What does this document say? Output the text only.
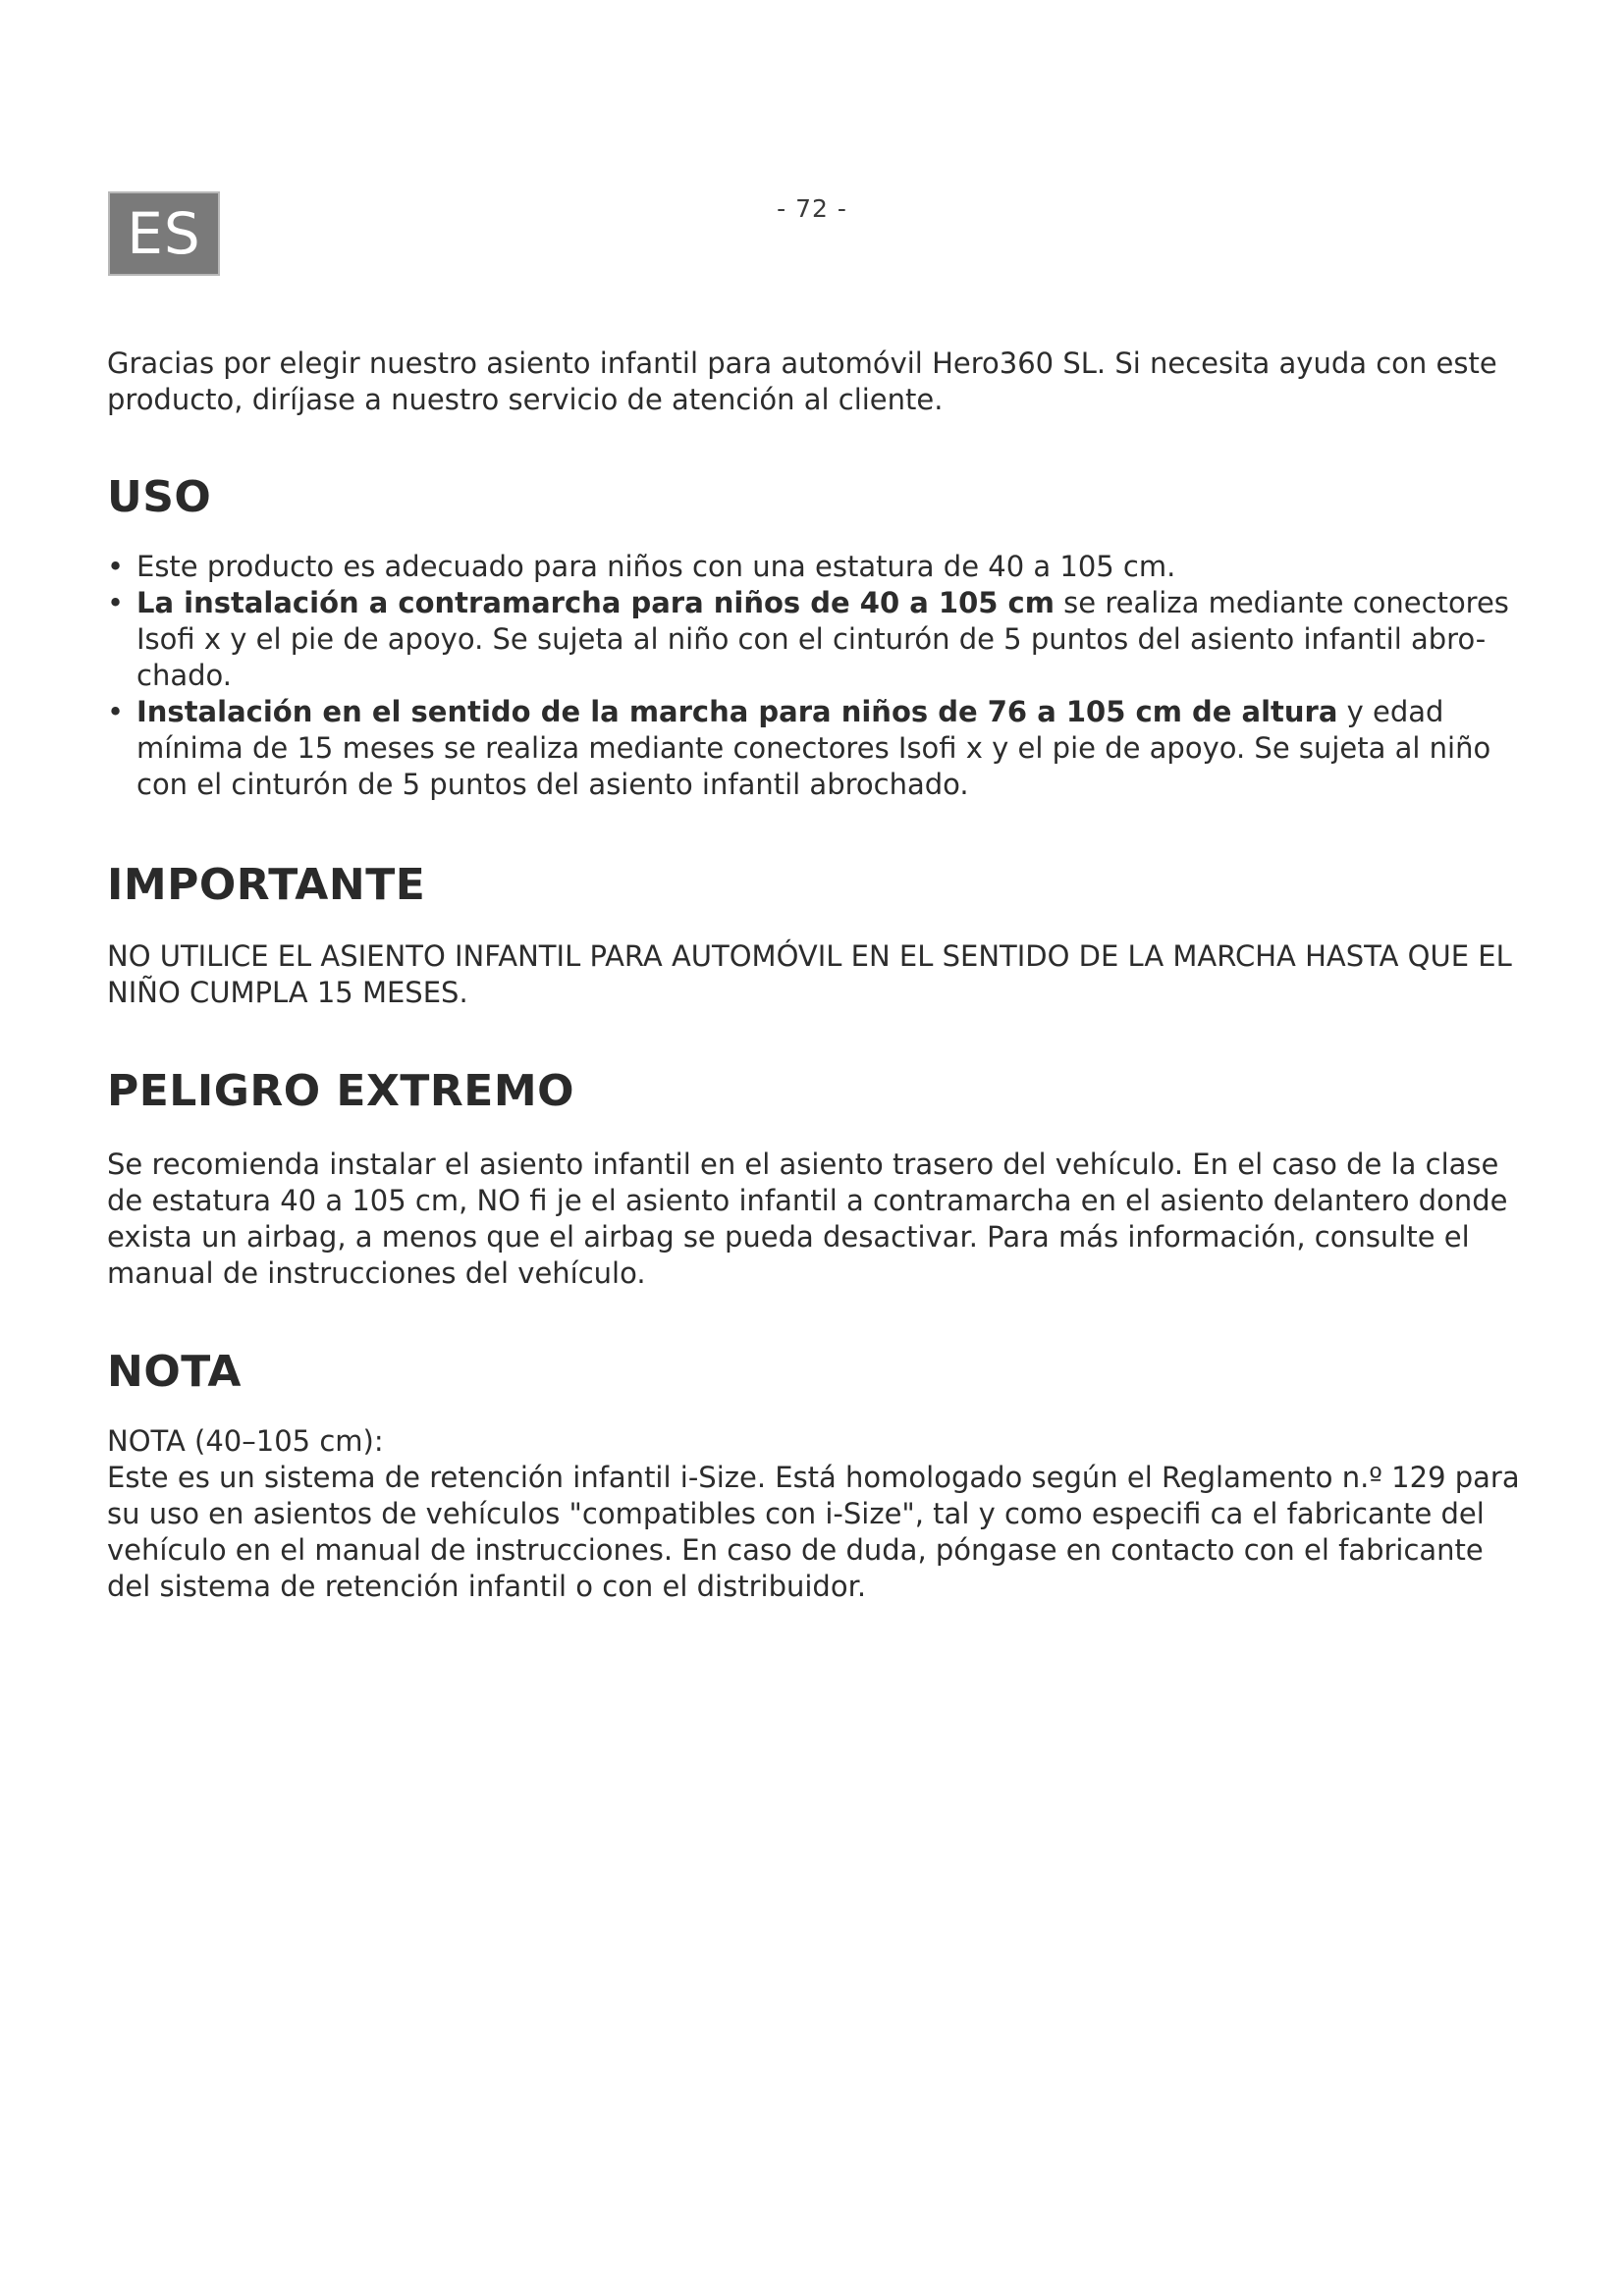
ES	- 72 -

Gracias por elegir nuestro asiento infantil para automóvil Hero360 SL. Si necesita ayuda con este producto, diríjase a nuestro servicio de atención al cliente.

USO
• Este producto es adecuado para niños con una estatura de 40 a 105 cm.
• La instalación a contramarcha para niños de 40 a 105 cm se realiza mediante conectores Isofi x y el pie de apoyo. Se sujeta al niño con el cinturón de 5 puntos del asiento infantil abro-chado.
• Instalación en el sentido de la marcha para niños de 76 a 105 cm de altura y edad mínima de 15 meses se realiza mediante conectores Isofi x y el pie de apoyo. Se sujeta al niño con el cinturón de 5 puntos del asiento infantil abrochado.
IMPORTANTE

NO UTILICE EL ASIENTO INFANTIL PARA AUTOMÓVIL EN EL SENTIDO DE LA MARCHA HASTA QUE EL NIÑO CUMPLA 15 MESES.

PELIGRO EXTREMO

Se recomienda instalar el asiento infantil en el asiento trasero del vehículo. En el caso de la clase de estatura 40 a 105 cm, NO fi je el asiento infantil a contramarcha en el asiento delantero donde exista un airbag, a menos que el airbag se pueda desactivar. Para más información, consulte el manual de instrucciones del vehículo.

NOTA

NOTA (40–105 cm):

Este es un sistema de retención infantil i-Size. Está homologado según el Reglamento n.º 129 para su uso en asientos de vehículos "compatibles con i-Size", tal y como especifi ca el fabricante del vehículo en el manual de instrucciones. En caso de duda, póngase en contacto con el fabricante del sistema de retención infantil o con el distribuidor.
